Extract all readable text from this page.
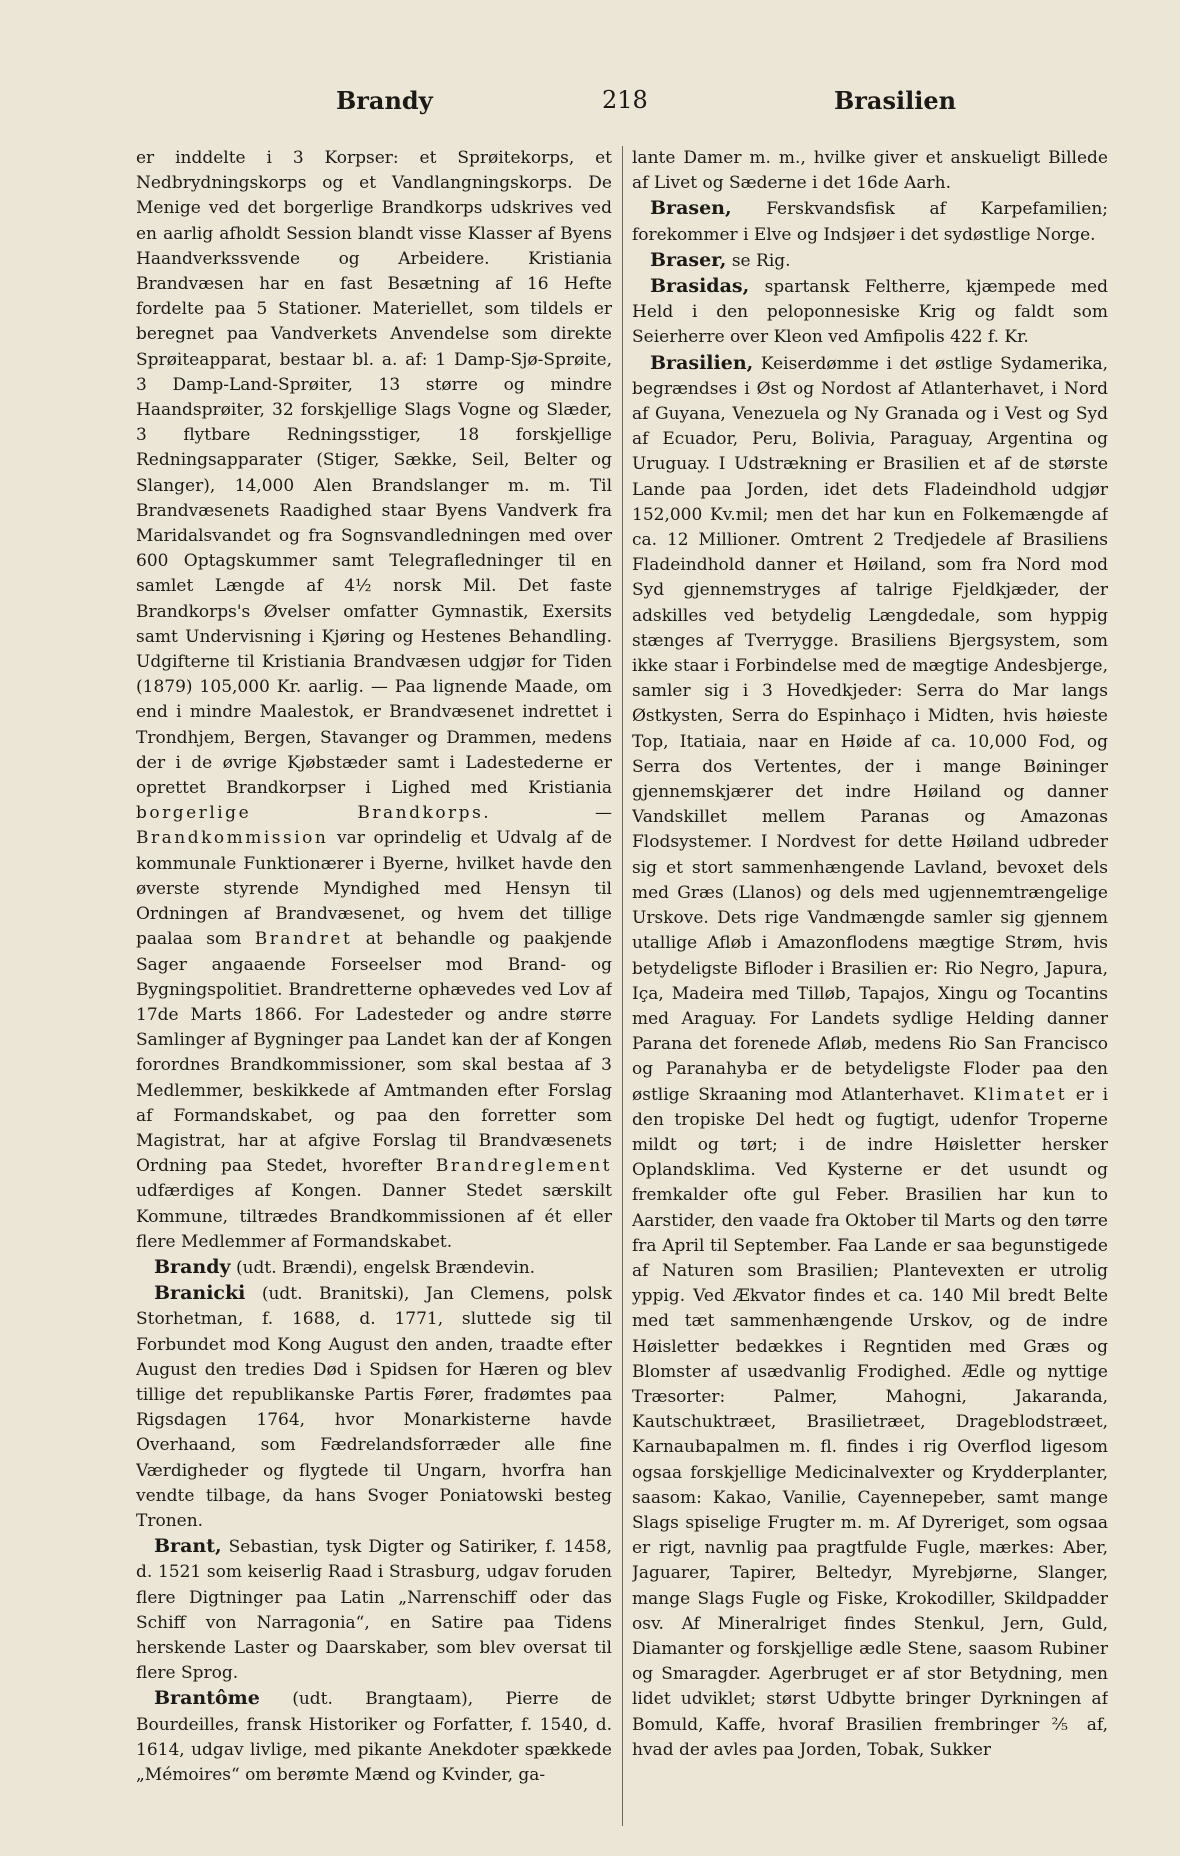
Brandy	218	Brasilien

er inddelte i 3 Korpser: et Sprøitekorps, et Nedbrydningskorps og et Vandlangningskorps. De Menige ved det borgerlige Brandkorps udskrives ved en aarlig afholdt Session blandt visse Klasser af Byens Haandverkssvende og Arbeidere. Kristiania Brandvæsen har en fast Besætning af 16 Hefte fordelte paa 5 Stationer. Materiellet, som tildels er beregnet paa Vandverkets Anvendelse som direkte Sprøiteapparat, bestaar bl. a. af: 1 Damp-Sjø-Sprøite, 3 Damp-Land-Sprøiter, 13 større og mindre Haandsprøiter, 32 forskjellige Slags Vogne og Slæder, 3 flytbare Redningsstiger, 18 forskjellige Redningsapparater (Stiger, Sække, Seil, Belter og Slanger), 14,000 Alen Brandslanger m. m. Til Brandvæsenets Raadighed staar Byens Vandverk fra Maridalsvandet og fra Sognsvandledningen med over 600 Optagskummer samt Telegrafledninger til en samlet Længde af 4½ norsk Mil. Det faste Brandkorps's Øvelser omfatter Gymnastik, Exersits samt Undervisning i Kjøring og Hestenes Behandling. Udgifterne til Kristiania Brandvæsen udgjør for Tiden (1879) 105,000 Kr. aarlig. — Paa lignende Maade, om end i mindre Maalestok, er Brandvæsenet indrettet i Trondhjem, Bergen, Stavanger og Drammen, medens der i de øvrige Kjøbstæder samt i Ladestederne er oprettet Brandkorpser i Lighed med Kristiania borgerlige Brandkorps.	— Brandkommission var oprindelig et Udvalg af de kommunale Funktionærer i Byerne, hvilket havde den øverste styrende Myndighed med Hensyn til Ordningen af Brandvæsenet, og hvem det tillige paalaa som Brandret at behandle og paakjende Sager angaaende Forseelser mod Brand- og Bygningspolitiet. Brandretterne ophævedes ved Lov af 17de Marts 1866. For Ladesteder og andre større Samlinger af Bygninger paa Landet kan der af Kongen forordnes Brandkommissioner, som skal bestaa af 3 Medlemmer, beskikkede af Amtmanden efter Forslag af Formandskabet, og paa den forretter som Magistrat, har at afgive Forslag til Brandvæsenets Ordning paa Stedet, hvorefter Brandreglement udfærdiges af Kongen. Danner Stedet særskilt Kommune, tiltrædes Brandkommissionen af ét eller flere Medlemmer af Formandskabet.

Brandy (udt. Brændi), engelsk Brændevin.

Branicki (udt. Branitski), Jan Clemens, polsk Storhetman, f. 1688, d. 1771, sluttede sig til Forbundet mod Kong August den anden, traadte efter August den tredies Død i Spidsen for Hæren og blev tillige det republikanske Partis Fører, fradømtes paa Rigsdagen 1764, hvor Monarkisterne havde Overhaand, som Fædrelandsforræder alle fine Værdigheder og flygtede til Ungarn, hvorfra han vendte tilbage, da hans Svoger Poniatowski besteg Tronen.

Brant, Sebastian, tysk Digter og Satiriker, f. 1458, d. 1521 som keiserlig Raad i Strasburg, udgav foruden flere Digtninger paa Latin „Narrenschiff oder das Schiff von Narragonia“, en Satire paa Tidens herskende Laster og Daarskaber, som blev oversat til flere Sprog.

Brantôme (udt. Brangtaam), Pierre de Bourdeilles, fransk Historiker og Forfatter, f. 1540, d. 1614, udgav livlige, med pikante Anekdoter spækkede „Mémoires“ om berømte Mænd og Kvinder, ga-

lante Damer m. m., hvilke giver et anskueligt Billede af Livet og Sæderne i det 16de Aarh.

Brasen, Ferskvandsfisk af Karpefamilien; forekommer i Elve og Indsjøer i det sydøstlige Norge.

Braser, se Rig.

Brasidas, spartansk Feltherre, kjæmpede med Held i den peloponnesiske Krig og faldt som Seierherre over Kleon ved Amfipolis 422 f. Kr.

Brasilien, Keiserdømme i det østlige Sydamerika, begrændses i Øst og Nordost af Atlanterhavet, i Nord af Guyana, Venezuela og Ny Granada og i Vest og Syd af Ecuador, Peru, Bolivia, Paraguay, Argentina og Uruguay. I Udstrækning er Brasilien et af de største Lande paa Jorden, idet dets Fladeindhold udgjør 152,000 Kv.mil; men det har kun en Folkemængde af ca. 12 Millioner. Omtrent 2 Tredjedele af Brasiliens Fladeindhold danner et Høiland, som fra Nord mod Syd gjennemstryges af talrige Fjeldkjæder, der adskilles ved betydelig Længdedale, som hyppig stænges af Tverrygge. Brasiliens Bjergsystem, som ikke staar i Forbindelse med de mægtige Andesbjerge, samler sig i 3 Hovedkjeder: Serra do Mar langs Østkysten, Serra do Espinhaço i Midten, hvis høieste Top, Itatiaia, naar en Høide af ca. 10,000 Fod, og Serra dos Vertentes, der i mange Bøininger gjennemskjærer det indre Høiland og danner Vandskillet mellem Paranas og Amazonas Flodsystemer. I Nordvest for dette Høiland udbreder sig et stort sammenhængende Lavland, bevoxet dels med Græs (Llanos) og dels med ugjennemtrængelige Urskove. Dets rige Vandmængde samler sig gjennem utallige Afløb i Amazonflodens mægtige Strøm, hvis betydeligste Bifloder i Brasilien er: Rio Negro, Japura, Iça, Madeira med Tilløb, Tapajos, Xingu og Tocantins med Araguay. For Landets sydlige Helding danner Parana det forenede Afløb, medens Rio San Francisco og Paranahyba er de betydeligste Floder paa den østlige Skraaning mod Atlanterhavet. Klimatet er i den tropiske Del hedt og fugtigt, udenfor Troperne mildt og tørt; i de indre Høisletter hersker Oplandsklima. Ved Kysterne er det usundt og fremkalder ofte gul Feber. Brasilien har kun to Aarstider, den vaade fra Oktober til Marts og den tørre fra April til September. Faa Lande er saa begunstigede af Naturen som Brasilien; Plantevexten er utrolig yppig. Ved Ækvator findes et ca. 140 Mil bredt Belte med tæt sammenhængende Urskov, og de indre Høisletter bedækkes i Regntiden med Græs og Blomster af usædvanlig Frodighed. Ædle og nyttige Træsorter: Palmer, Mahogni, Jakaranda, Kautschuktræet, Brasilietræet, Drageblodstræet, Karnaubapalmen m. fl. findes i rig Overflod ligesom ogsaa forskjellige Medicinalvexter og Krydderplanter, saasom: Kakao, Vanilie, Cayennepeber, samt mange Slags spiselige Frugter m. m. Af Dyreriget, som ogsaa er rigt, navnlig paa pragtfulde Fugle, mærkes: Aber, Jaguarer, Tapirer, Beltedyr, Myrebjørne, Slanger, mange Slags Fugle og Fiske, Krokodiller, Skildpadder osv. Af Mineralriget findes Stenkul, Jern, Guld, Diamanter og forskjellige ædle Stene, saasom Rubiner og Smaragder. Agerbruget er af stor Betydning, men lidet udviklet; størst Udbytte bringer Dyrkningen af Bomuld, Kaffe, hvoraf Brasilien frembringer ⅖ af, hvad der avles paa Jorden, Tobak, Sukker
